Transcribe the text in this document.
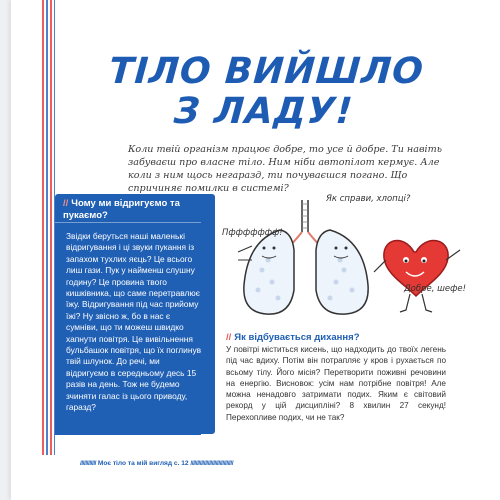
ТІЛО ВИЙШЛО
З ЛАДУ!
Коли твій організм працює добре, то усе й добре. Ти навіть забуваєш про власне тіло. Ним ніби автопілот кермує. Але коли з ним щось негаразд, ти почуваєшся погано. Що спричиняє помилки в системі?
// Чому ми відригуємо та пукаємо?
Звідки беруться наші маленькі відригування і ці звуки пукання із запахом тухлих яєць? Це всього лиш гази. Пук у найменш слушну годину? Це провина твого кишківника, що саме перетравлює їжу. Відригування під час прийому їжі? Ну звісно ж, бо в нас є сумніви, що ти можеш швидко хапнути повітря. Це вивільнення бульбашок повітря, що їх поглинув твій шлунок. До речі, ми відригуємо в середньому десь 15 разів на день. Тож не будемо зчиняти галас із цього приводу, гаразд?
Пффффффф!
Як справи, хлопці?
Добре, шефе!
// Як відбувається дихання?
У повітрі міститься кисень, що надходить до твоїх легень під час вдиху. Потім він потрапляє у кров і рухається по всьому тілу. Його місія? Перетворити поживні речовини на енергію. Висновок: усім нам потрібне повітря! Але можна ненадовго затримати подих. Яким є світовий рекорд у цій дисципліні? 8 хвилин 27 секунд! Перехопливе подих, чи не так?
//////////// Моє тіло та мій вигляд с. 12 ////////////////////////////////
